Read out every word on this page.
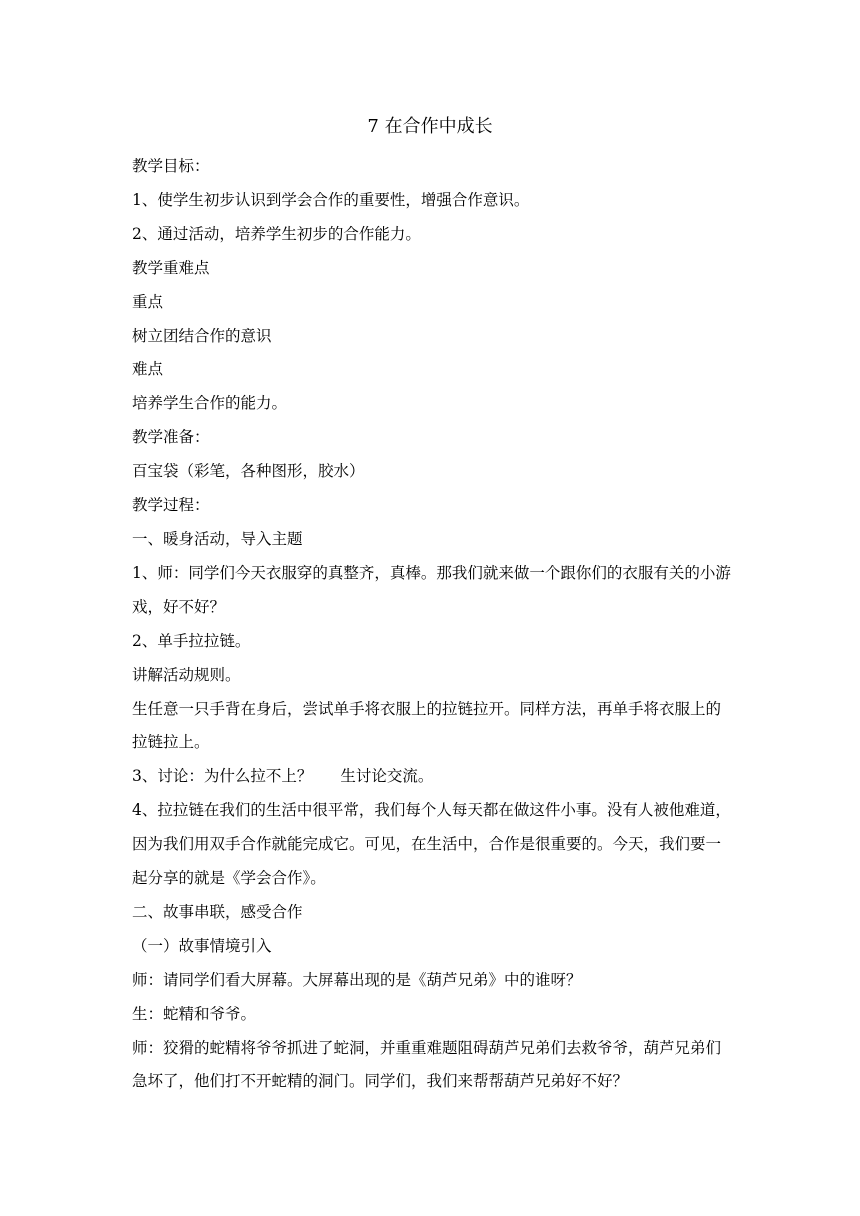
7 在合作中成长

教学目标：

1、使学生初步认识到学会合作的重要性，增强合作意识。

2、通过活动，培养学生初步的合作能力。

教学重难点

重点

树立团结合作的意识

难点

培养学生合作的能力。

教学准备：

百宝袋（彩笔，各种图形，胶水）

教学过程：

一、暖身活动，导入主题

1、师：同学们今天衣服穿的真整齐，真棒。那我们就来做一个跟你们的衣服有关的小游戏，好不好？

2、单手拉拉链。

讲解活动规则。

生任意一只手背在身后，尝试单手将衣服上的拉链拉开。同样方法，再单手将衣服上的拉链拉上。

3、讨论：为什么拉不上？ 生讨论交流。

4、拉拉链在我们的生活中很平常，我们每个人每天都在做这件小事。没有人被他难道，因为我们用双手合作就能完成它。可见，在生活中，合作是很重要的。今天，我们要一起分享的就是《学会合作》。

二、故事串联，感受合作

（一）故事情境引入

师：请同学们看大屏幕。大屏幕出现的是《葫芦兄弟》中的谁呀？

生：蛇精和爷爷。

师：狡猾的蛇精将爷爷抓进了蛇洞，并重重难题阻碍葫芦兄弟们去救爷爷，葫芦兄弟们急坏了，他们打不开蛇精的洞门。同学们，我们来帮帮葫芦兄弟好不好？
